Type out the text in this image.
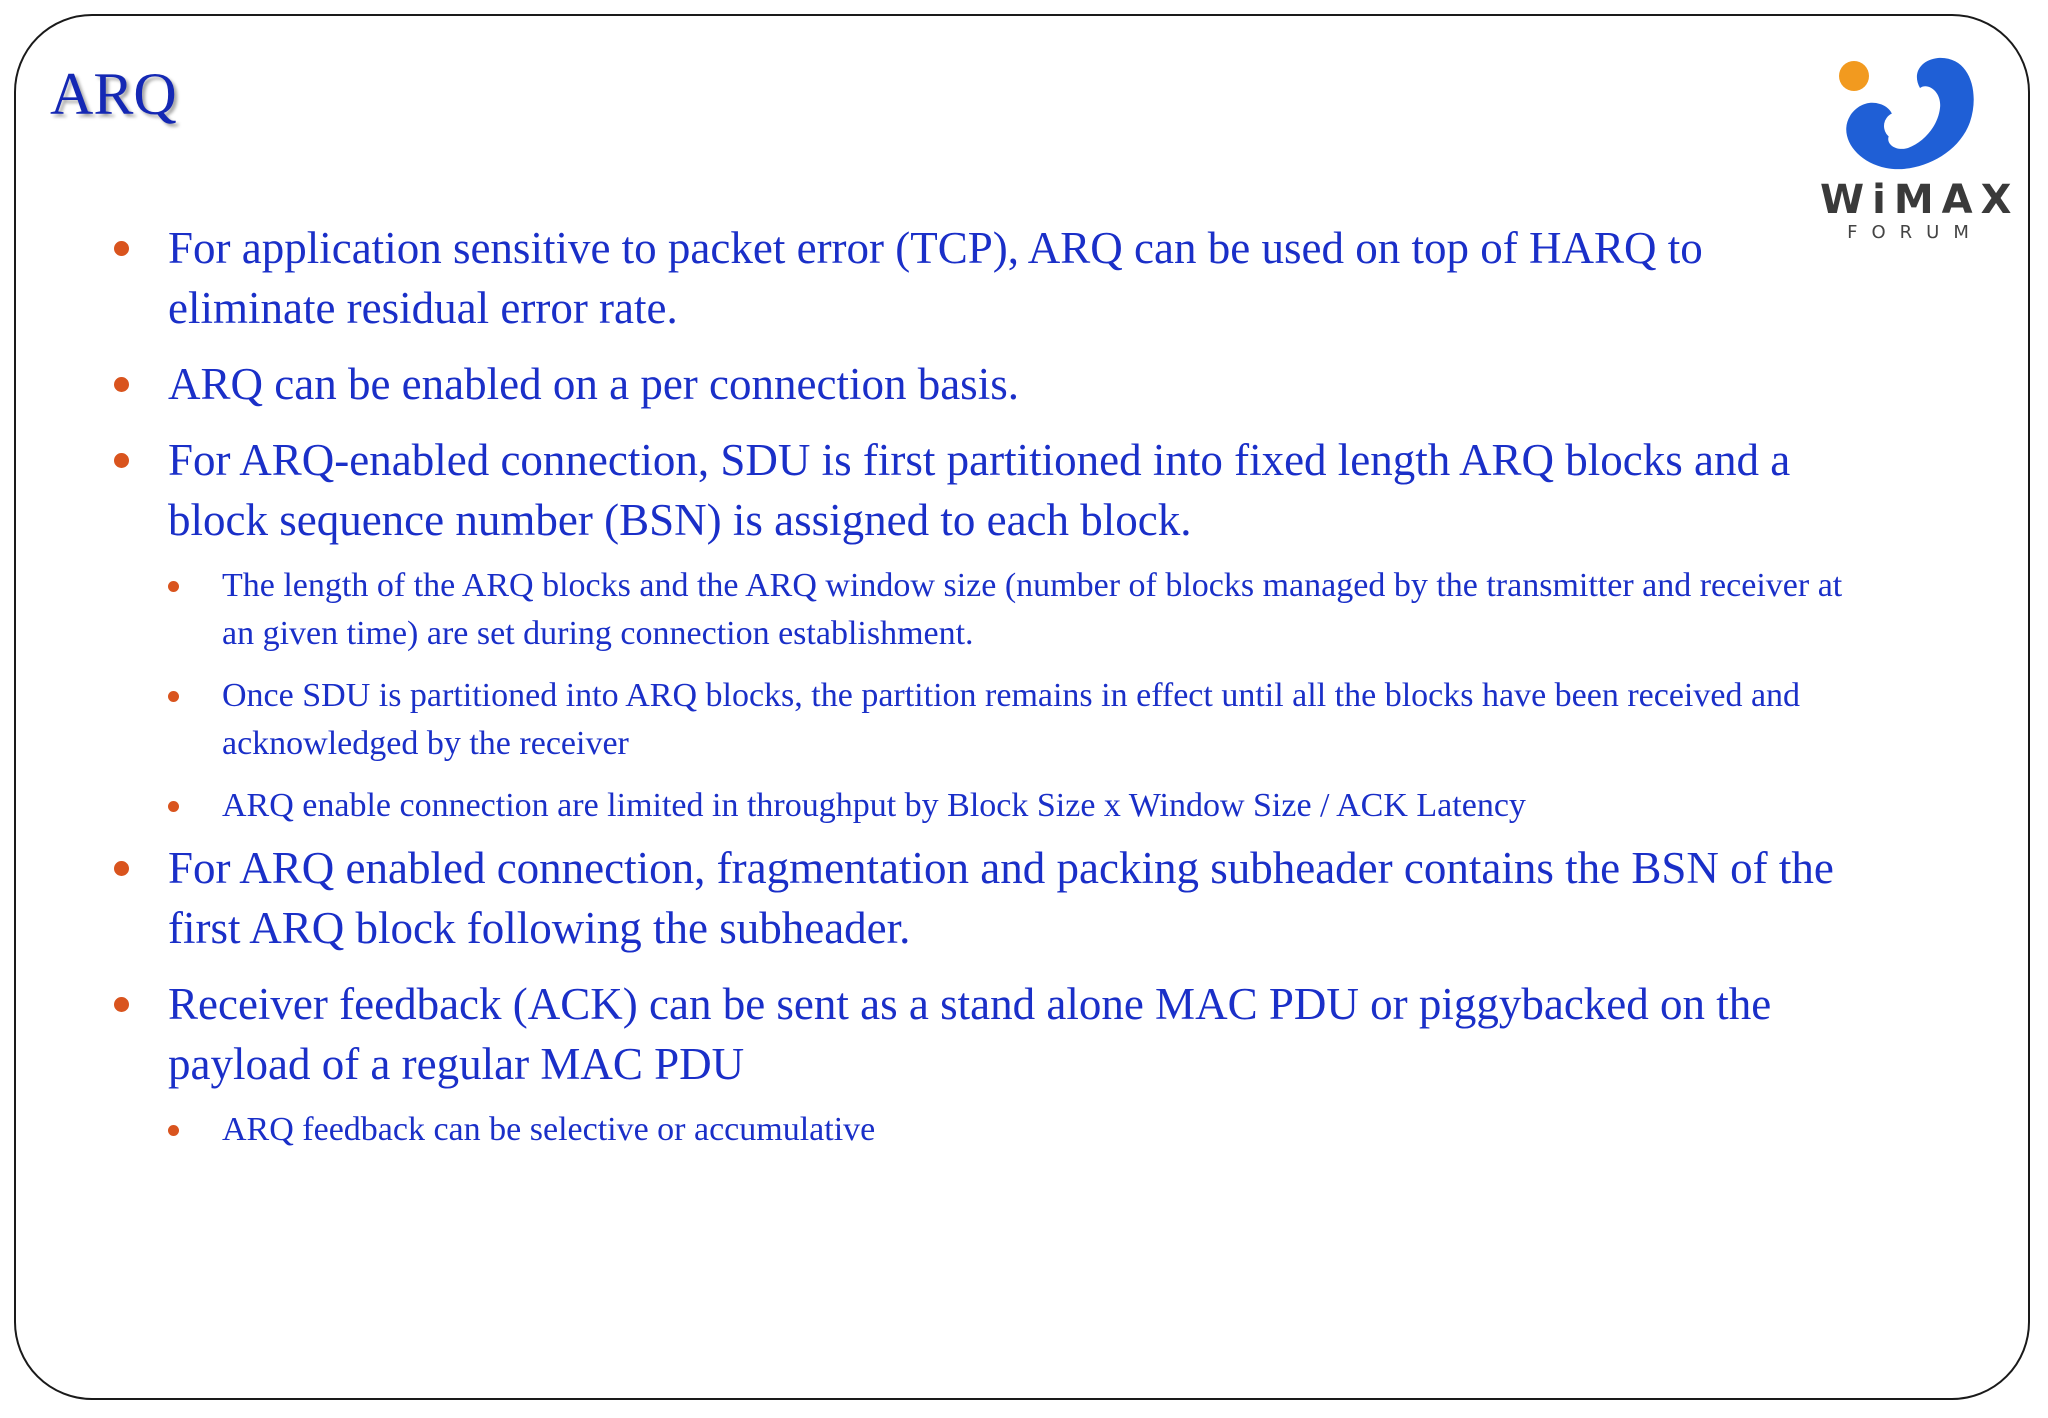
ARQ
WiMAX
FORUM
For application sensitive to packet error (TCP), ARQ can be used on top of HARQ to eliminate residual error rate.
ARQ can be enabled on a per connection basis.
For ARQ-enabled connection, SDU is first partitioned into fixed length ARQ blocks and a block sequence number (BSN) is assigned to each block.
The length of the ARQ blocks and the ARQ window size (number of blocks managed by the transmitter and receiver at an given time) are set during connection establishment.
Once SDU is partitioned into ARQ blocks, the partition remains in effect until all the blocks have been received and acknowledged by the receiver
ARQ enable connection are limited in throughput by Block Size x Window Size / ACK Latency
For ARQ enabled connection, fragmentation and packing subheader contains the BSN of the first ARQ block following the subheader.
Receiver feedback (ACK) can be sent as a stand alone MAC PDU or piggybacked on the payload of a regular MAC PDU
ARQ feedback can be selective or accumulative
